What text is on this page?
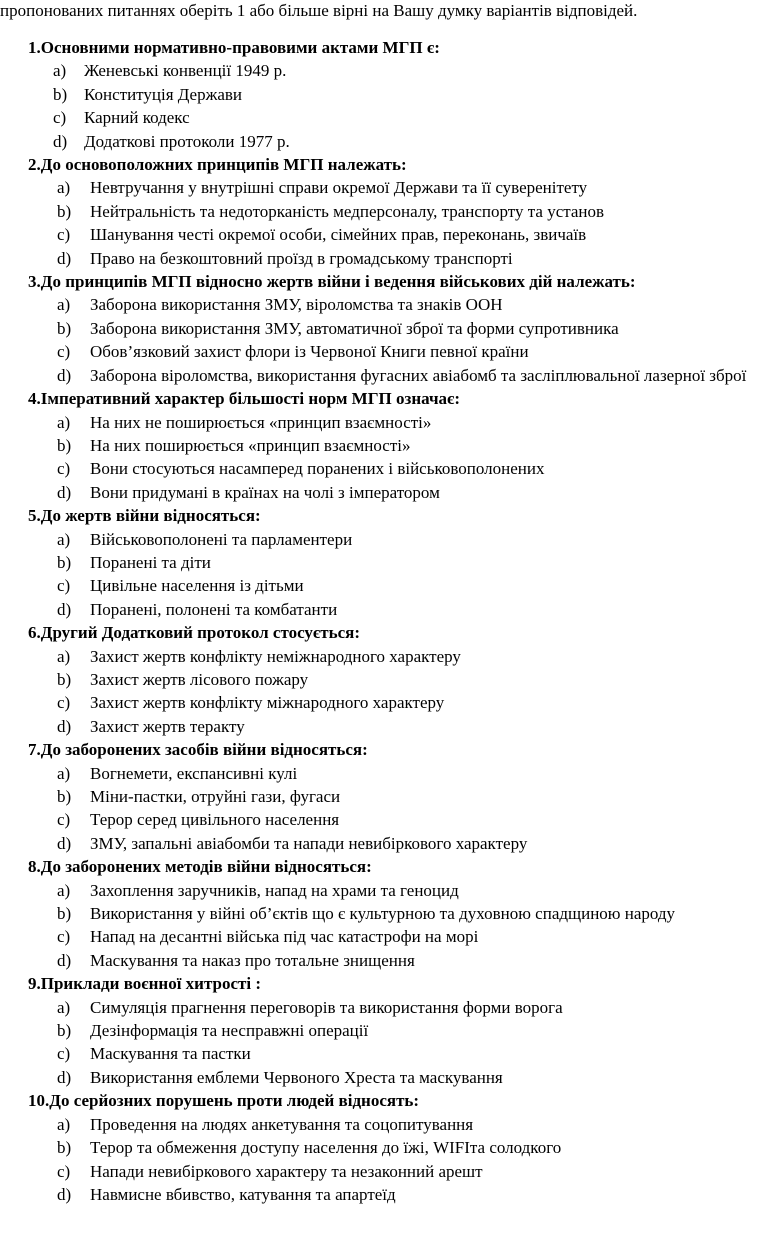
пропонованих питаннях оберіть 1 або більше вірні на Вашу думку варіантів відповідей.
1.Основними нормативно-правовими актами МГП є:
a) Женевські конвенції 1949 р.
b) Конституція Держави
c) Карний кодекс
d) Додаткові протоколи 1977 р.
2.До основоположних принципів МГП належать:
a) Невтручання у внутрішні справи окремої Держави та її суверенітету
b) Нейтральність та недоторканість медперсоналу, транспорту та установ
c) Шанування честі окремої особи, сімейних прав, переконань, звичаїв
d) Право на безкоштовний проїзд в громадському транспорті
3.До принципів МГП відносно жертв війни і ведення військових дій належать:
a) Заборона використання ЗМУ, віроломства та знаків ООН
b) Заборона використання ЗМУ, автоматичної зброї та форми супротивника
c) Обов’язковий захист флори із Червоної Книги певної країни
d) Заборона віроломства, використання фугасних авіабомб та засліплювальної лазерної зброї
4.Імперативний характер більшості норм МГП означає:
a) На них не поширюється «принцип взаємності»
b) На них поширюється «принцип взаємності»
c) Вони стосуються насамперед поранених і військовополонених
d) Вони придумані в країнах на чолі з імператором
5.До жертв війни відносяться:
a) Військовополонені та парламентери
b) Поранені та діти
c) Цивільне населення із дітьми
d) Поранені, полонені та комбатанти
6.Другий Додатковий протокол стосується:
a) Захист жертв конфлікту неміжнародного характеру
b) Захист жертв лісового пожару
c) Захист жертв конфлікту міжнародного характеру
d) Захист жертв теракту
7.До заборонених засобів війни відносяться:
a) Вогнемети, експансивні кулі
b) Міни-пастки, отруйні гази, фугаси
c) Терор серед цивільного населення
d) ЗМУ, запальні авіабомби та напади невибіркового характеру
8.До заборонених методів війни відносяться:
a) Захоплення заручників, напад на храми та геноцид
b) Використання у війні об’єктів що є культурною та духовною спадщиною народу
c) Напад на десантні війська під час катастрофи на морі
d) Маскування та наказ про тотальне знищення
9.Приклади воєнної хитрості :
a) Симуляція прагнення переговорів та використання форми ворога
b) Дезінформація та несправжні операції
c) Маскування та пастки
d) Використання емблеми Червоного Хреста та маскування
10.До серйозних порушень проти людей відносять:
a) Проведення на людях анкетування та соцопитування
b) Терор та обмеження доступу населення до їжі, WIFIта солодкого
c) Напади невибіркового характеру та незаконний арешт
d) Навмисне вбивство, катування та апартеїд
